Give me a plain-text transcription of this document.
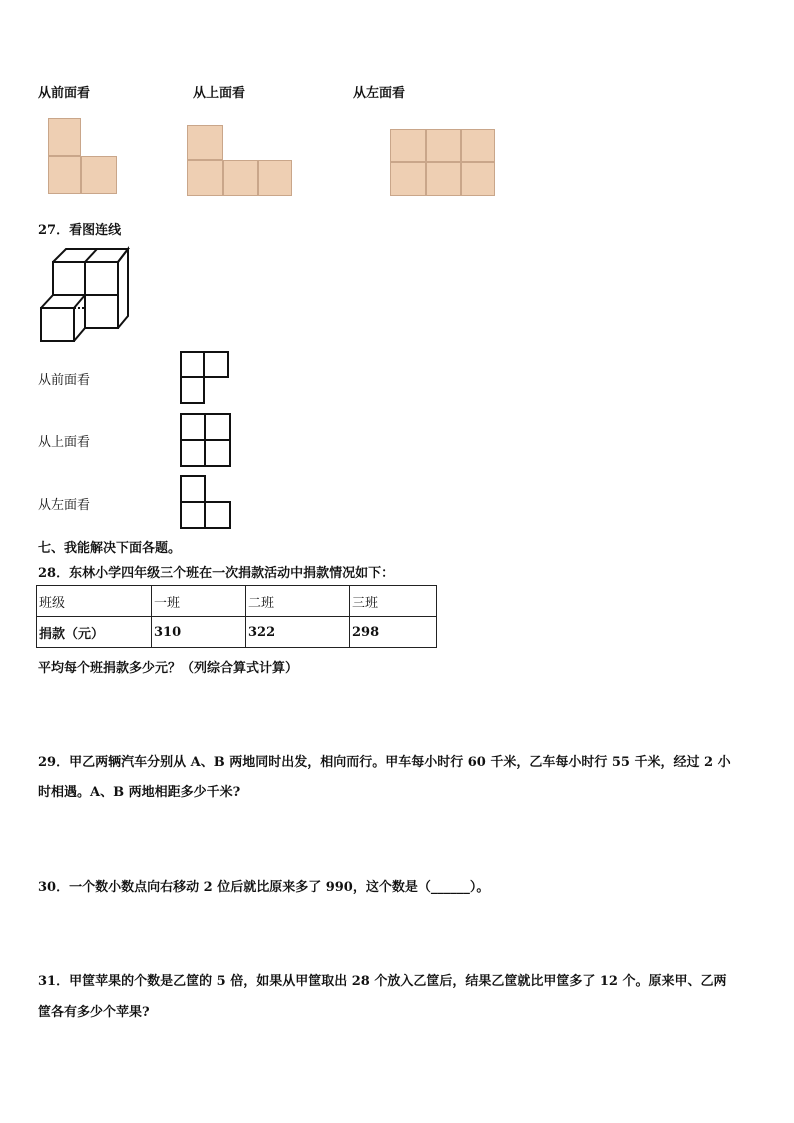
从前面看	从上面看	从左面看
27．看图连线
从前面看
从上面看
从左面看
七、我能解决下面各题。
28．东林小学四年级三个班在一次捐款活动中捐款情况如下：
班级	一班	二班	三班
捐款（元）	310	322	298
平均每个班捐款多少元？（列综合算式计算）
29．甲乙两辆汽车分别从 A、B 两地同时出发，相向而行。甲车每小时行 60 千米，乙车每小时行 55 千米，经过 2 小
时相遇。A、B 两地相距多少千米?
30．一个数小数点向右移动 2 位后就比原来多了 990，这个数是（______）。
31．甲筐苹果的个数是乙筐的 5 倍，如果从甲筐取出 28 个放入乙筐后，结果乙筐就比甲筐多了 12 个。原来甲、乙两
筐各有多少个苹果?
